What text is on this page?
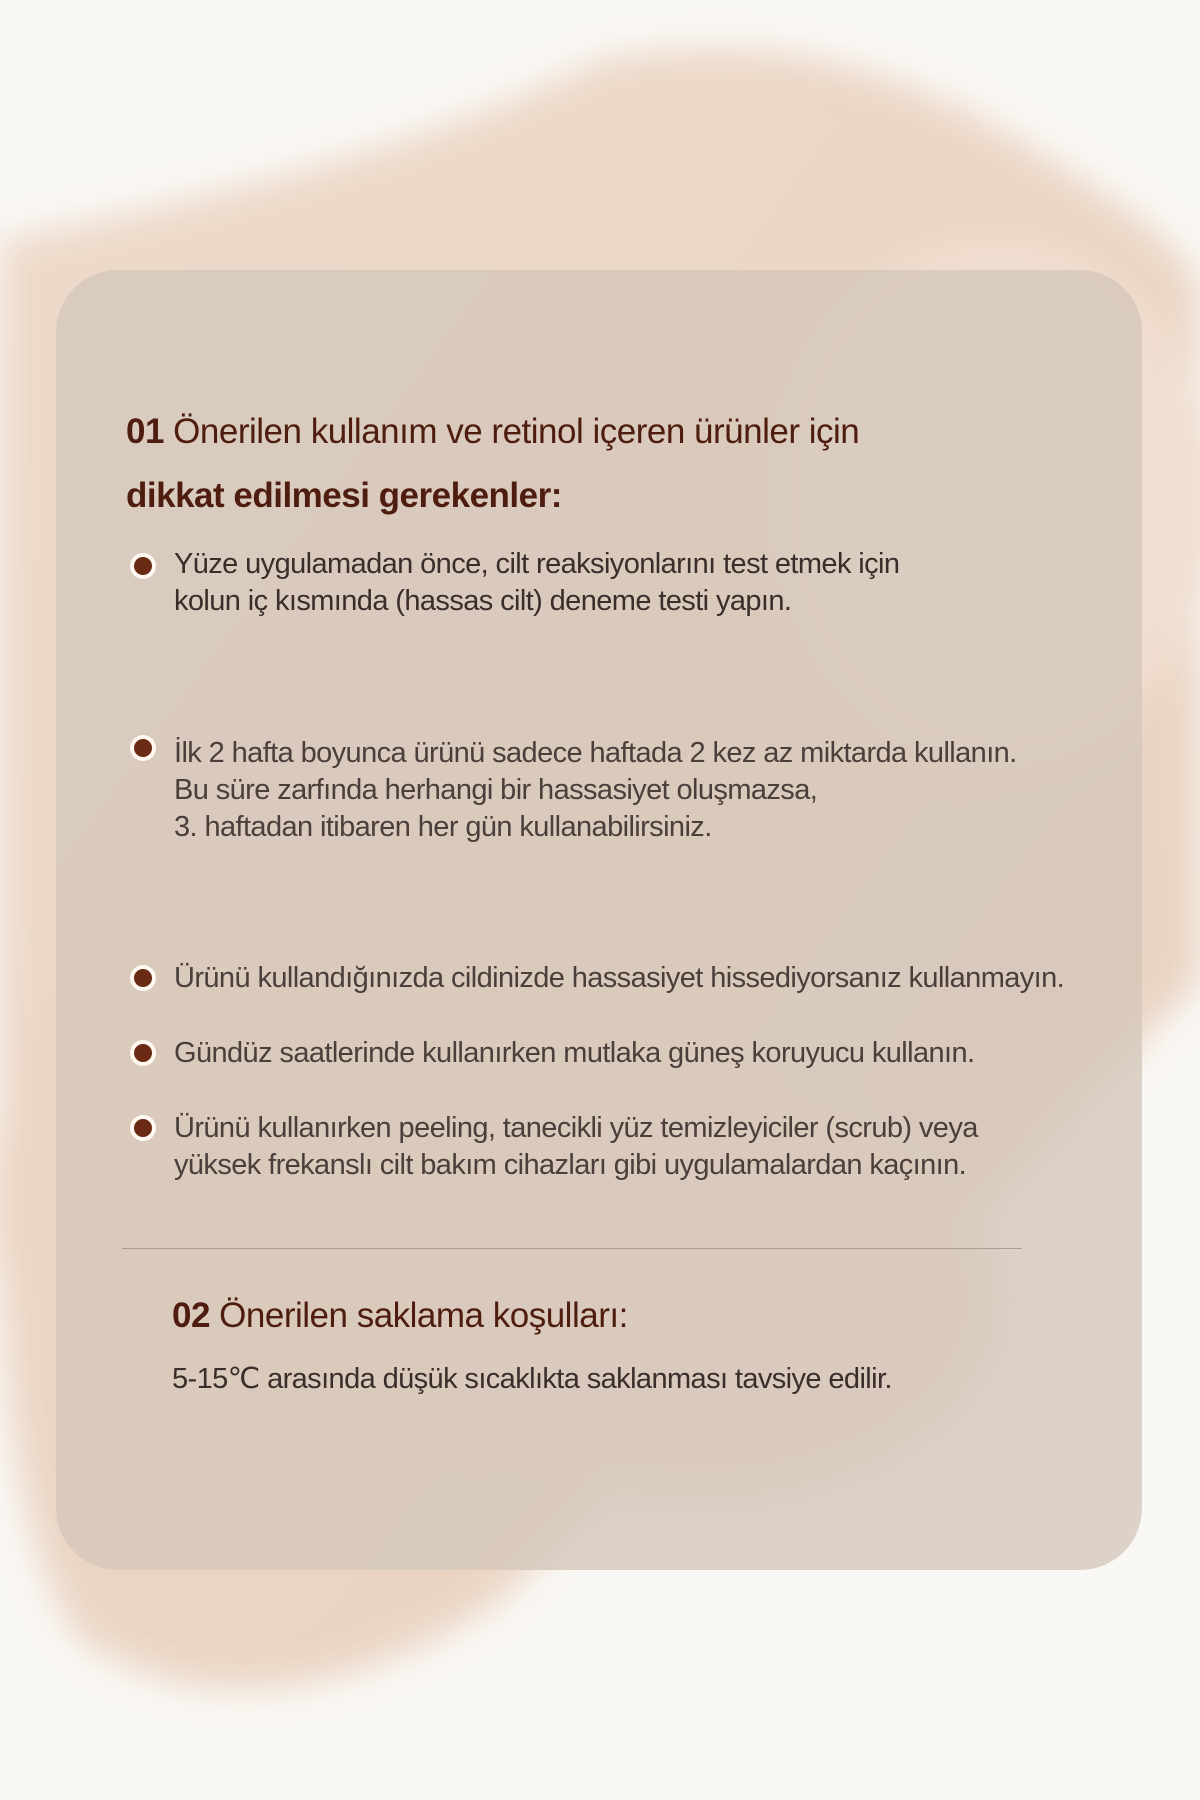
01 Önerilen kullanım ve retinol içeren ürünler için
dikkat edilmesi gerekenler:
Yüze uygulamadan önce, cilt reaksiyonlarını test etmek için
kolun iç kısmında (hassas cilt) deneme testi yapın.
İlk 2 hafta boyunca ürünü sadece haftada 2 kez az miktarda kullanın.
Bu süre zarfında herhangi bir hassasiyet oluşmazsa,
3. haftadan itibaren her gün kullanabilirsiniz.
Ürünü kullandığınızda cildinizde hassasiyet hissediyorsanız kullanmayın.
Gündüz saatlerinde kullanırken mutlaka güneş koruyucu kullanın.
Ürünü kullanırken peeling, tanecikli yüz temizleyiciler (scrub) veya
yüksek frekanslı cilt bakım cihazları gibi uygulamalardan kaçının.
02 Önerilen saklama koşulları:
5-15℃ arasında düşük sıcaklıkta saklanması tavsiye edilir.
